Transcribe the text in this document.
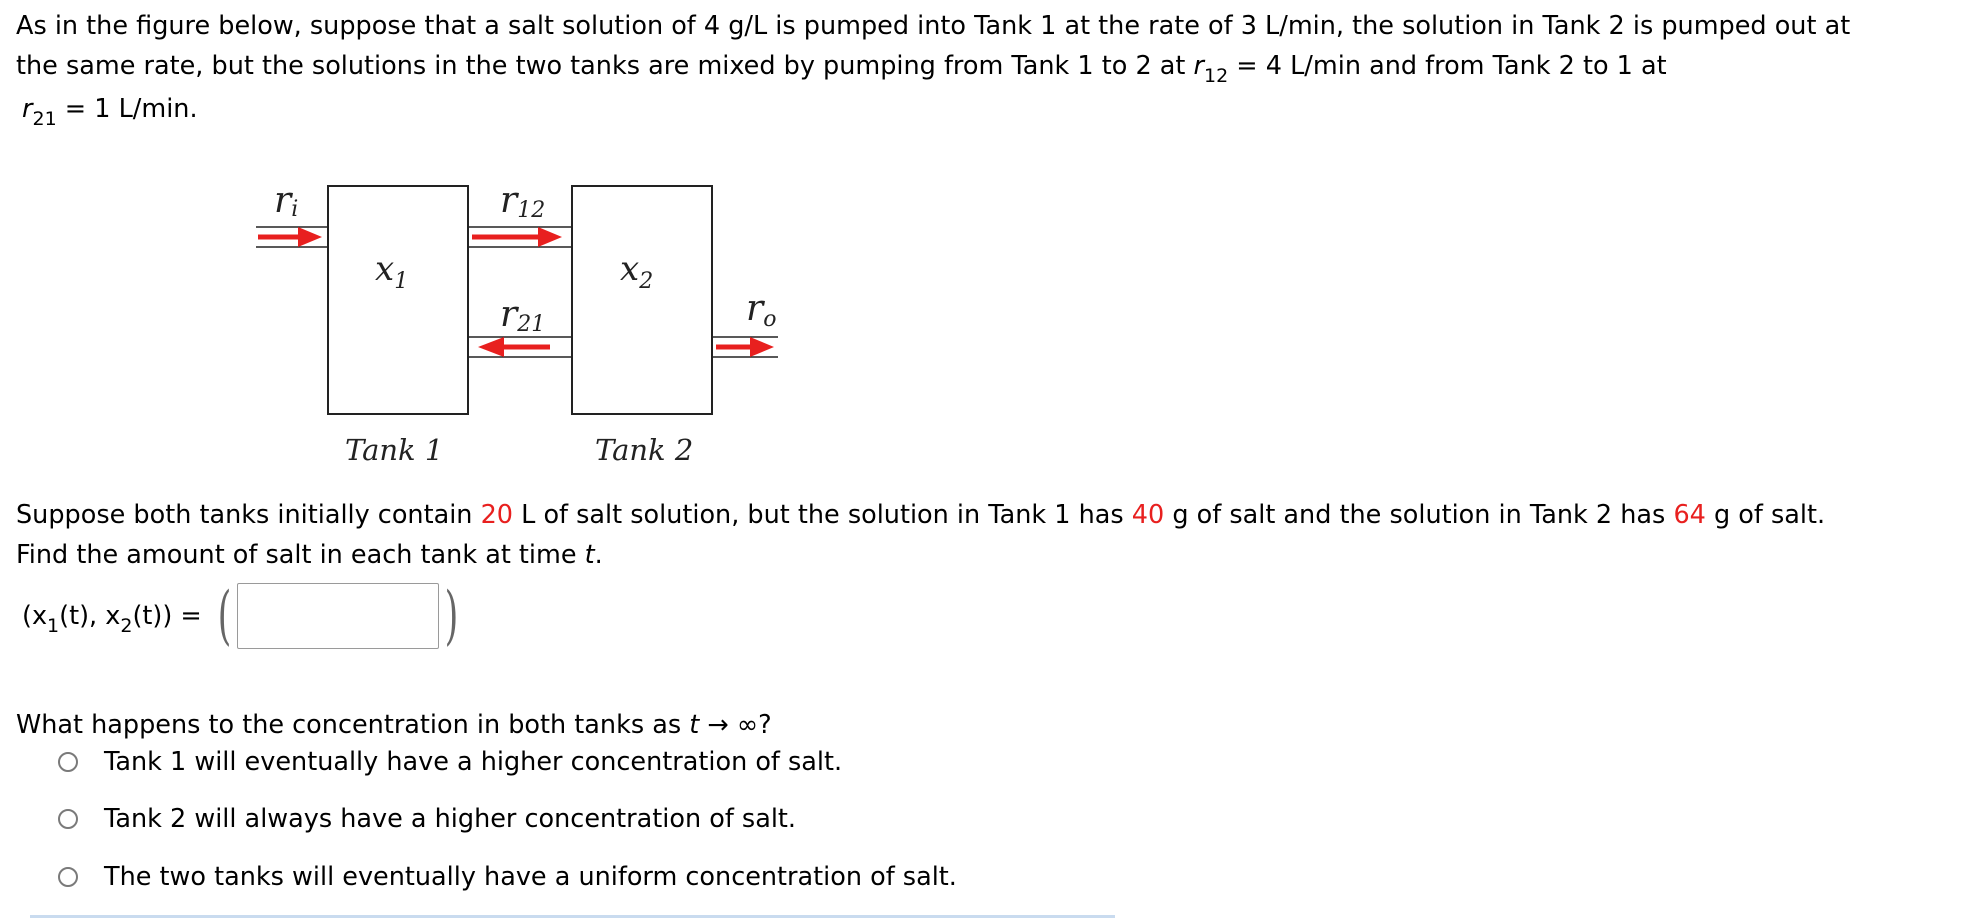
As in the figure below, suppose that a salt solution of 4 g/L is pumped into Tank 1 at the rate of 3 L/min, the solution in Tank 2 is pumped out at
the same rate, but the solutions in the two tanks are mixed by pumping from Tank 1 to 2 at $r_{12} = 4$ L/min and from Tank 2 to 1 at
$r_{21} = 1$ L/min.
ri	r12
r21	ro
$x_1$	$x_2$
Tank 1	Tank 2
Suppose both tanks initially contain 20 L of salt solution, but the solution in Tank 1 has 40 g of salt and the solution in Tank 2 has 64 g of salt.
Find the amount of salt in each tank at time t.
($x_1(t)$, $x_2(t)$) = (	)
What happens to the concentration in both tanks as t → ∞?
Tank 1 will eventually have a higher concentration of salt.
Tank 2 will always have a higher concentration of salt.
The two tanks will eventually have a uniform concentration of salt.
